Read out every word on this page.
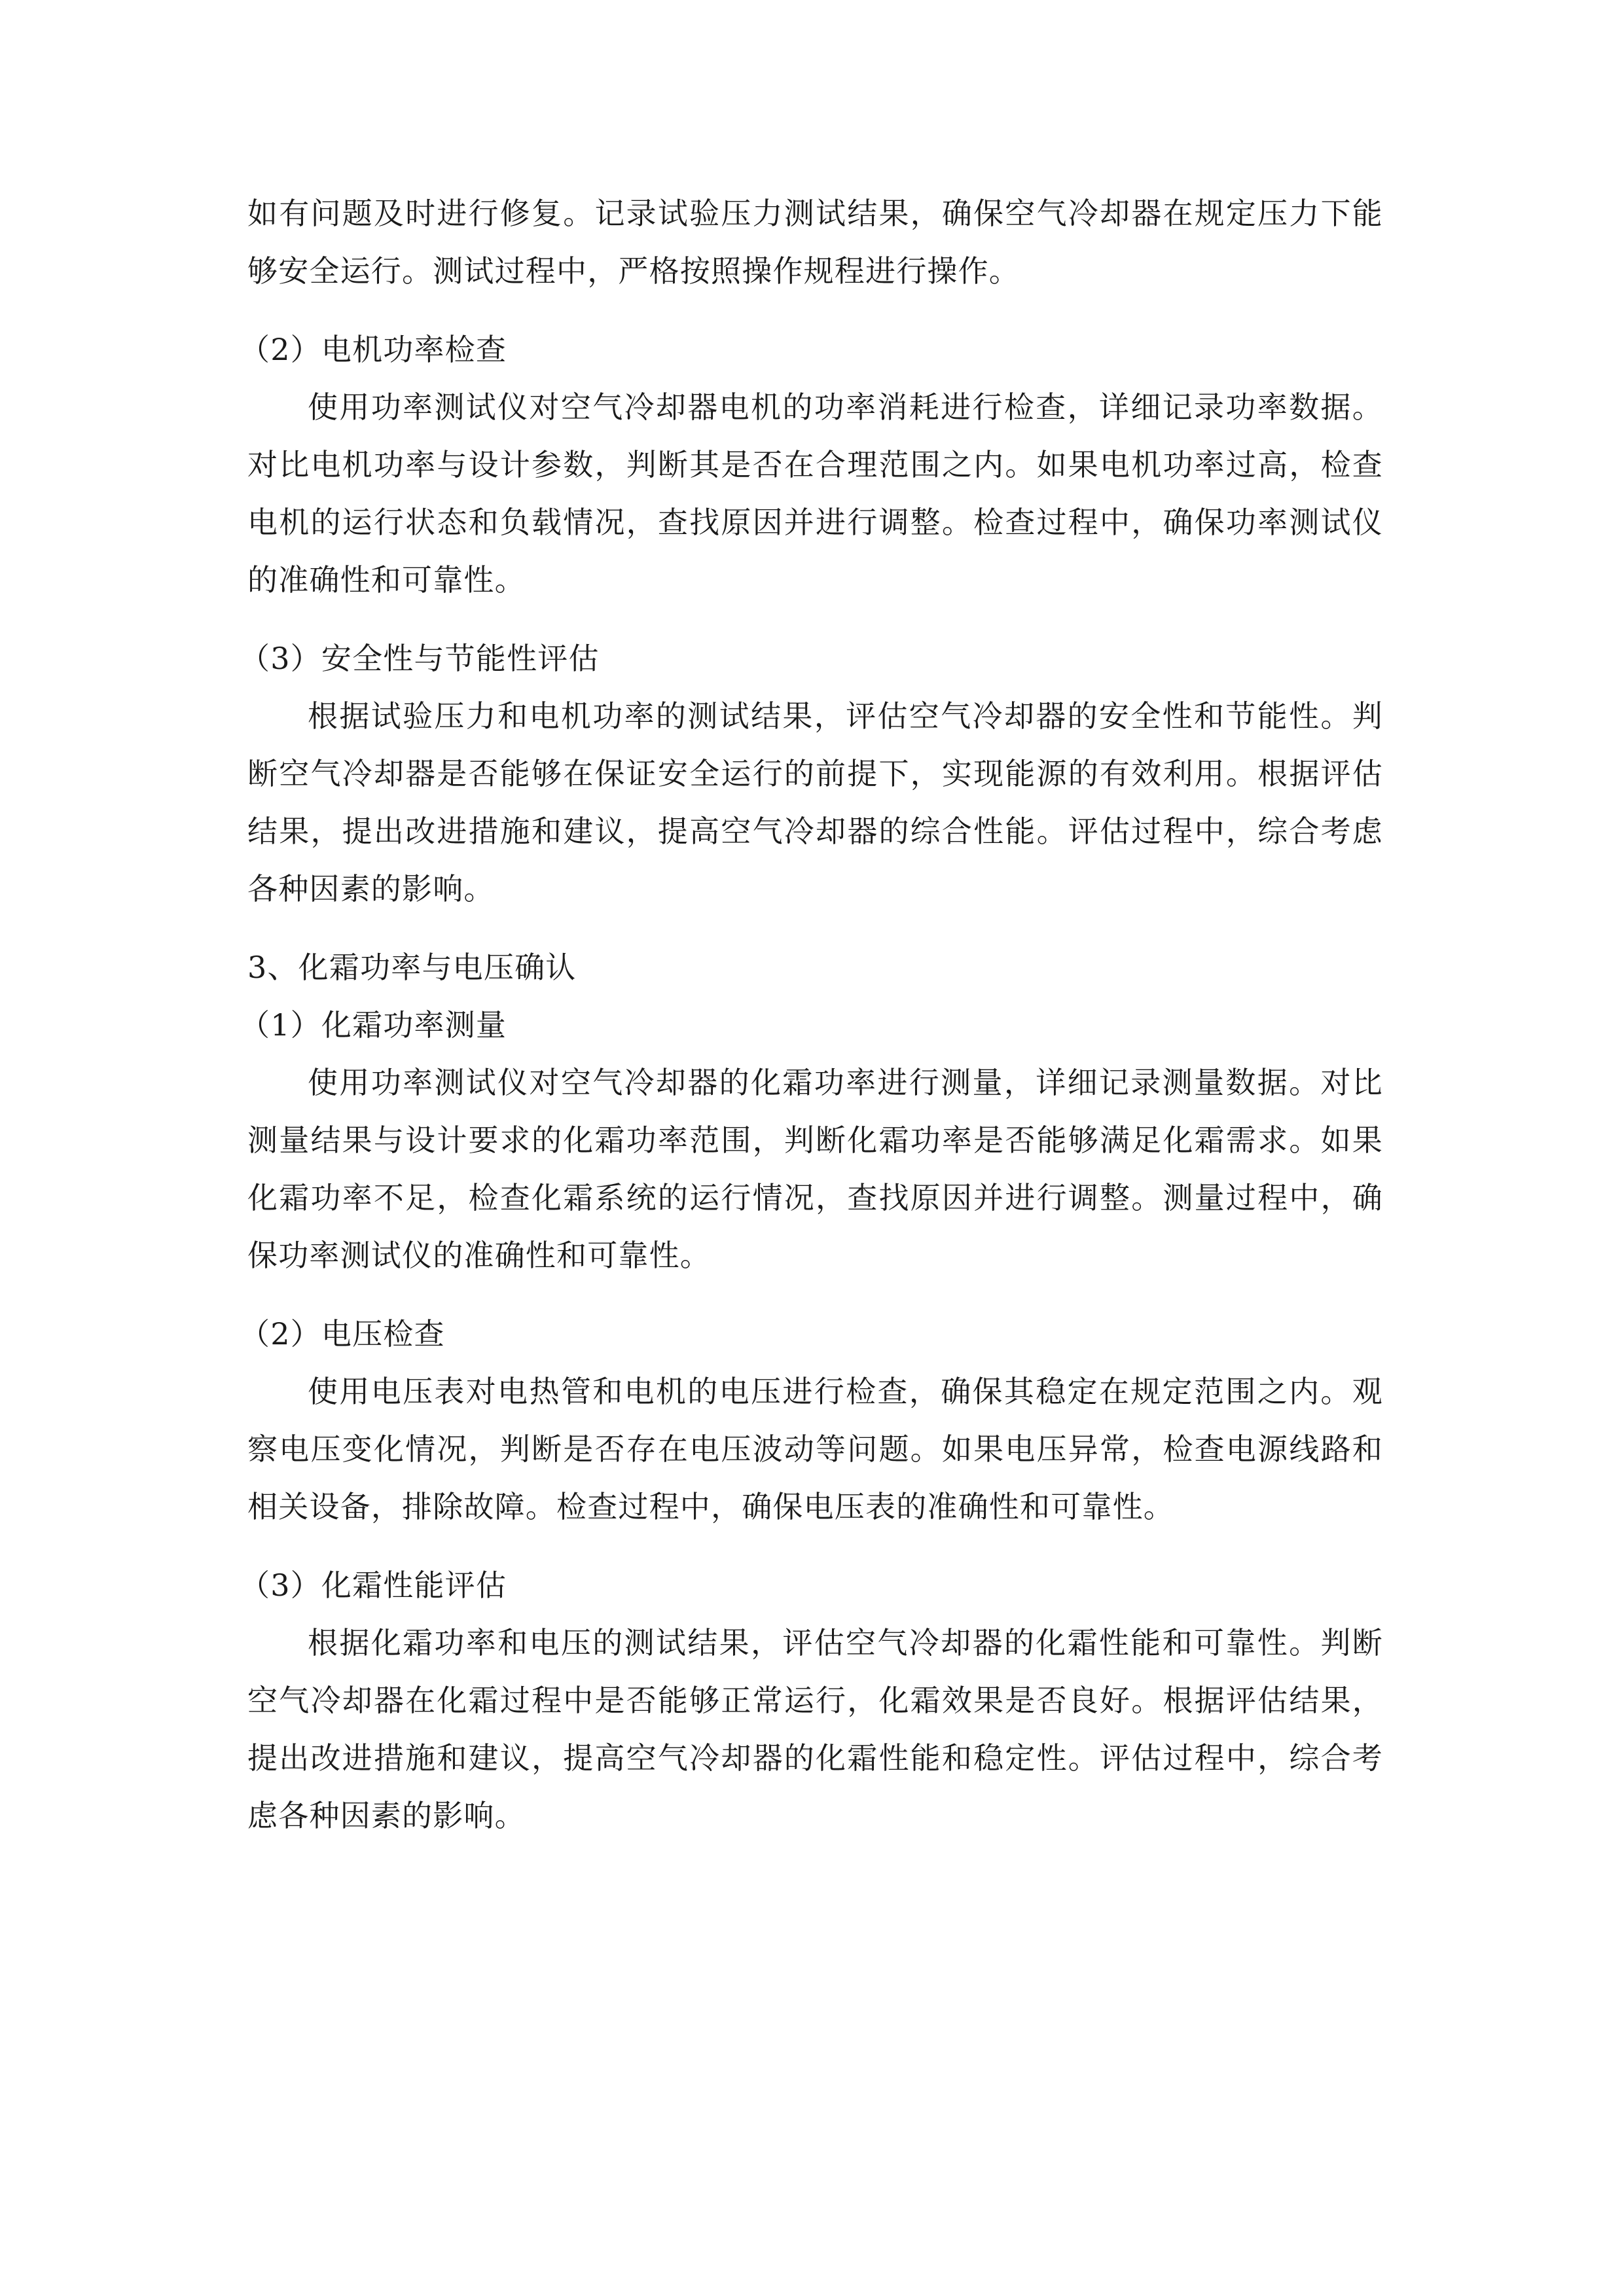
如有问题及时进行修复。记录试验压力测试结果，确保空气冷却器在规定压力下能够安全运行。测试过程中，严格按照操作规程进行操作。

（2）电机功率检查

使用功率测试仪对空气冷却器电机的功率消耗进行检查，详细记录功率数据。对比电机功率与设计参数，判断其是否在合理范围之内。如果电机功率过高，检查电机的运行状态和负载情况，查找原因并进行调整。检查过程中，确保功率测试仪的准确性和可靠性。

（3）安全性与节能性评估

根据试验压力和电机功率的测试结果，评估空气冷却器的安全性和节能性。判断空气冷却器是否能够在保证安全运行的前提下，实现能源的有效利用。根据评估结果，提出改进措施和建议，提高空气冷却器的综合性能。评估过程中，综合考虑各种因素的影响。

3、化霜功率与电压确认
（1）化霜功率测量

使用功率测试仪对空气冷却器的化霜功率进行测量，详细记录测量数据。对比测量结果与设计要求的化霜功率范围，判断化霜功率是否能够满足化霜需求。如果化霜功率不足，检查化霜系统的运行情况，查找原因并进行调整。测量过程中，确保功率测试仪的准确性和可靠性。

（2）电压检查

使用电压表对电热管和电机的电压进行检查，确保其稳定在规定范围之内。观察电压变化情况，判断是否存在电压波动等问题。如果电压异常，检查电源线路和相关设备，排除故障。检查过程中，确保电压表的准确性和可靠性。

（3）化霜性能评估

根据化霜功率和电压的测试结果，评估空气冷却器的化霜性能和可靠性。判断空气冷却器在化霜过程中是否能够正常运行，化霜效果是否良好。根据评估结果，提出改进措施和建议，提高空气冷却器的化霜性能和稳定性。评估过程中，综合考虑各种因素的影响。
